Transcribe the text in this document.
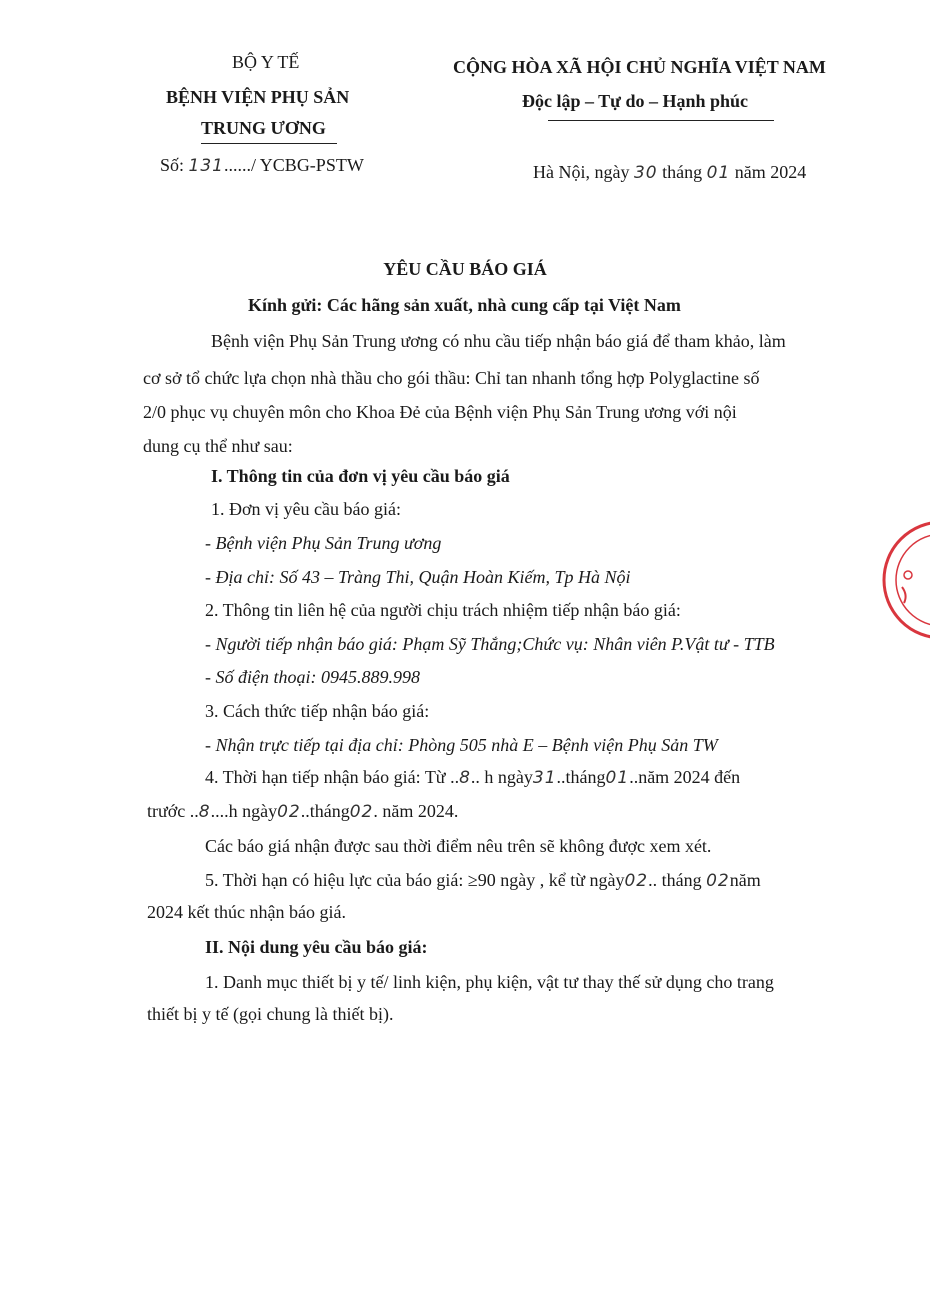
BỘ Y TẾ
BỆNH VIỆN PHỤ SẢN
TRUNG ƯƠNG
Số: 131....../ YCBG-PSTW
CỘNG HÒA XÃ HỘI CHỦ NGHĨA VIỆT NAM
Độc lập – Tự do – Hạnh phúc
Hà Nội, ngày 30 tháng 01 năm 2024
YÊU CẦU BÁO GIÁ
Kính gửi: Các hãng sản xuất, nhà cung cấp tại Việt Nam
Bệnh viện Phụ Sản Trung ương có nhu cầu tiếp nhận báo giá để tham khảo, làm
cơ sở tổ chức lựa chọn nhà thầu cho gói thầu: Chỉ tan nhanh tổng hợp Polyglactine số
2/0 phục vụ chuyên môn cho Khoa Đẻ của Bệnh viện Phụ Sản Trung ương với nội
dung cụ thể như sau:
I. Thông tin của đơn vị yêu cầu báo giá
1. Đơn vị yêu cầu báo giá:
- Bệnh viện Phụ Sản Trung ương
- Địa chỉ: Số 43 – Tràng Thi, Quận Hoàn Kiếm, Tp Hà Nội
2. Thông tin liên hệ của người chịu trách nhiệm tiếp nhận báo giá:
- Người tiếp nhận báo giá: Phạm Sỹ Thắng;Chức vụ: Nhân viên P.Vật tư - TTB
- Số điện thoại: 0945.889.998
3. Cách thức tiếp nhận báo giá:
- Nhận trực tiếp tại địa chỉ: Phòng 505 nhà E – Bệnh viện Phụ Sản TW
4. Thời hạn tiếp nhận báo giá: Từ ..8.. h ngày31..tháng01..năm 2024 đến
trước ..8....h ngày02..tháng02. năm 2024.
Các báo giá nhận được sau thời điểm nêu trên sẽ không được xem xét.
5. Thời hạn có hiệu lực của báo giá: ≥90 ngày , kể từ ngày02.. tháng 02năm
2024 kết thúc nhận báo giá.
II. Nội dung yêu cầu báo giá:
1. Danh mục thiết bị y tế/ linh kiện, phụ kiện, vật tư thay thế sử dụng cho trang
thiết bị y tế (gọi chung là thiết bị).
